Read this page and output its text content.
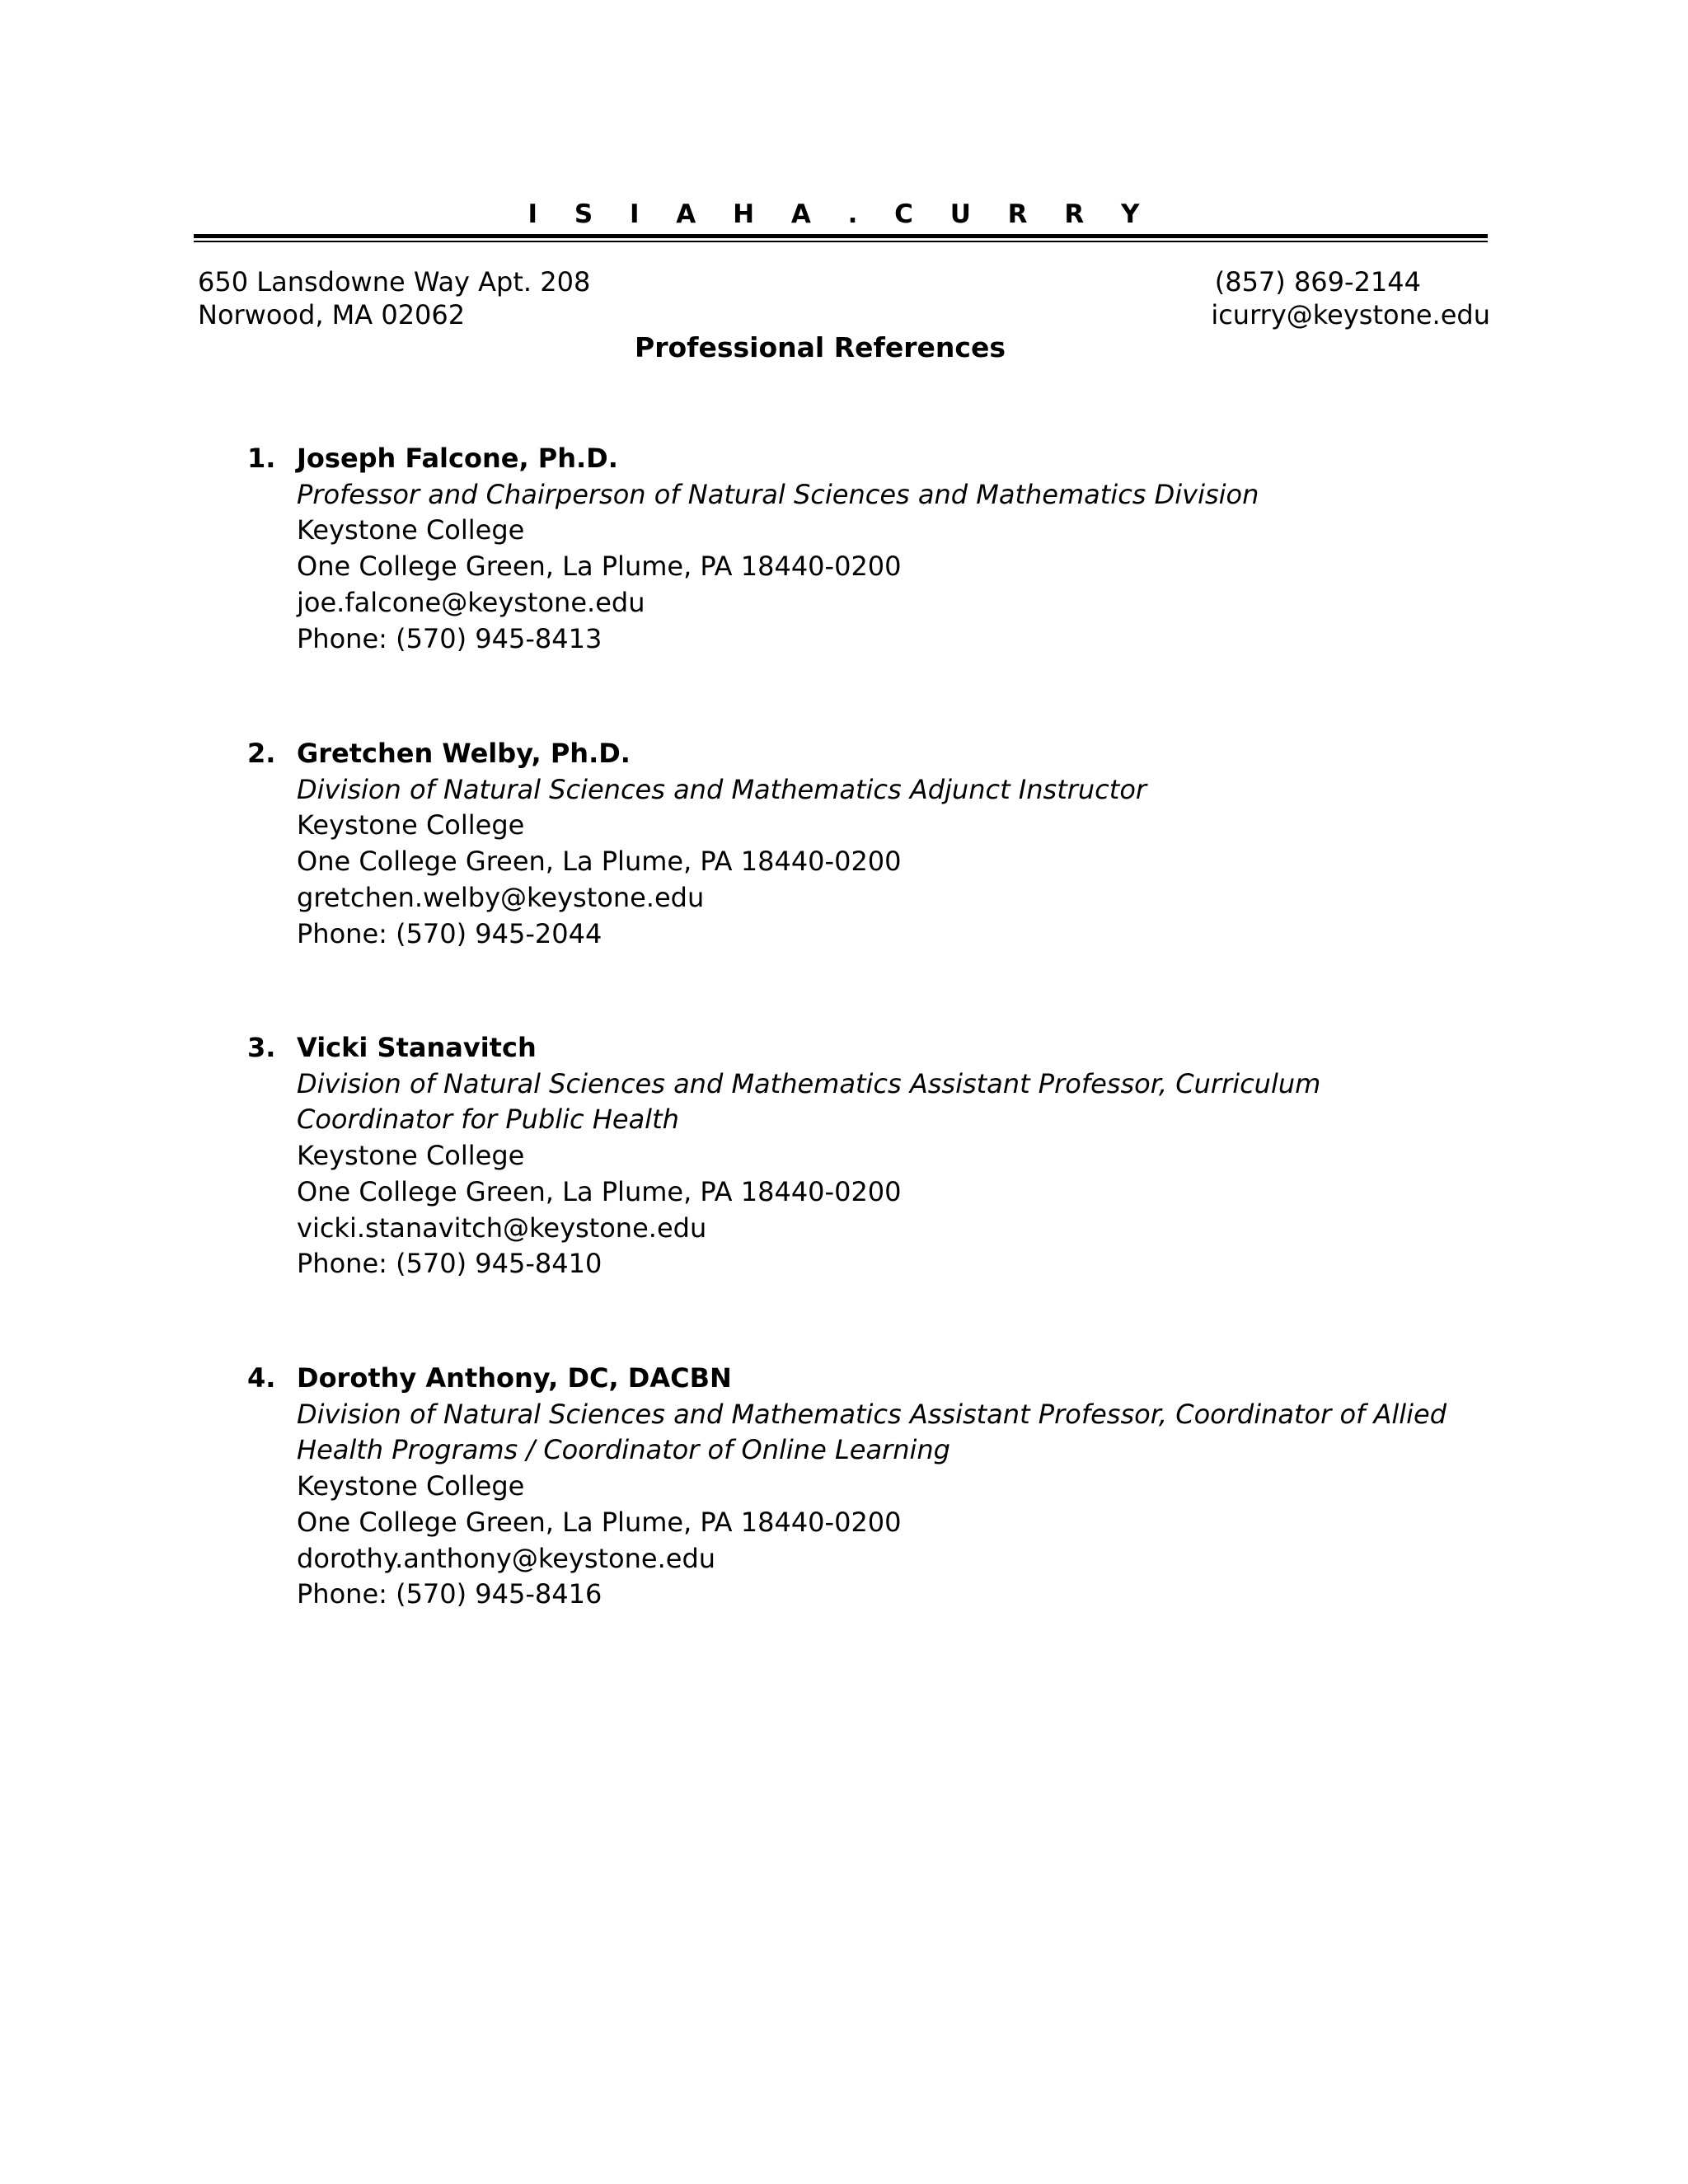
I S I A H A . C U R R Y
650 Lansdowne Way Apt. 208
Norwood, MA 02062
(857) 869-2144
icurry@keystone.edu
Professional References
1. Joseph Falcone, Ph.D.
Professor and Chairperson of Natural Sciences and Mathematics Division
Keystone College
One College Green, La Plume, PA 18440-0200
joe.falcone@keystone.edu
Phone: (570) 945-8413
2. Gretchen Welby, Ph.D.
Division of Natural Sciences and Mathematics Adjunct Instructor
Keystone College
One College Green, La Plume, PA 18440-0200
gretchen.welby@keystone.edu
Phone: (570) 945-2044
3. Vicki Stanavitch
Division of Natural Sciences and Mathematics Assistant Professor, Curriculum Coordinator for Public Health
Keystone College
One College Green, La Plume, PA 18440-0200
vicki.stanavitch@keystone.edu
Phone: (570) 945-8410
4. Dorothy Anthony, DC, DACBN
Division of Natural Sciences and Mathematics Assistant Professor, Coordinator of Allied Health Programs / Coordinator of Online Learning
Keystone College
One College Green, La Plume, PA 18440-0200
dorothy.anthony@keystone.edu
Phone: (570) 945-8416
